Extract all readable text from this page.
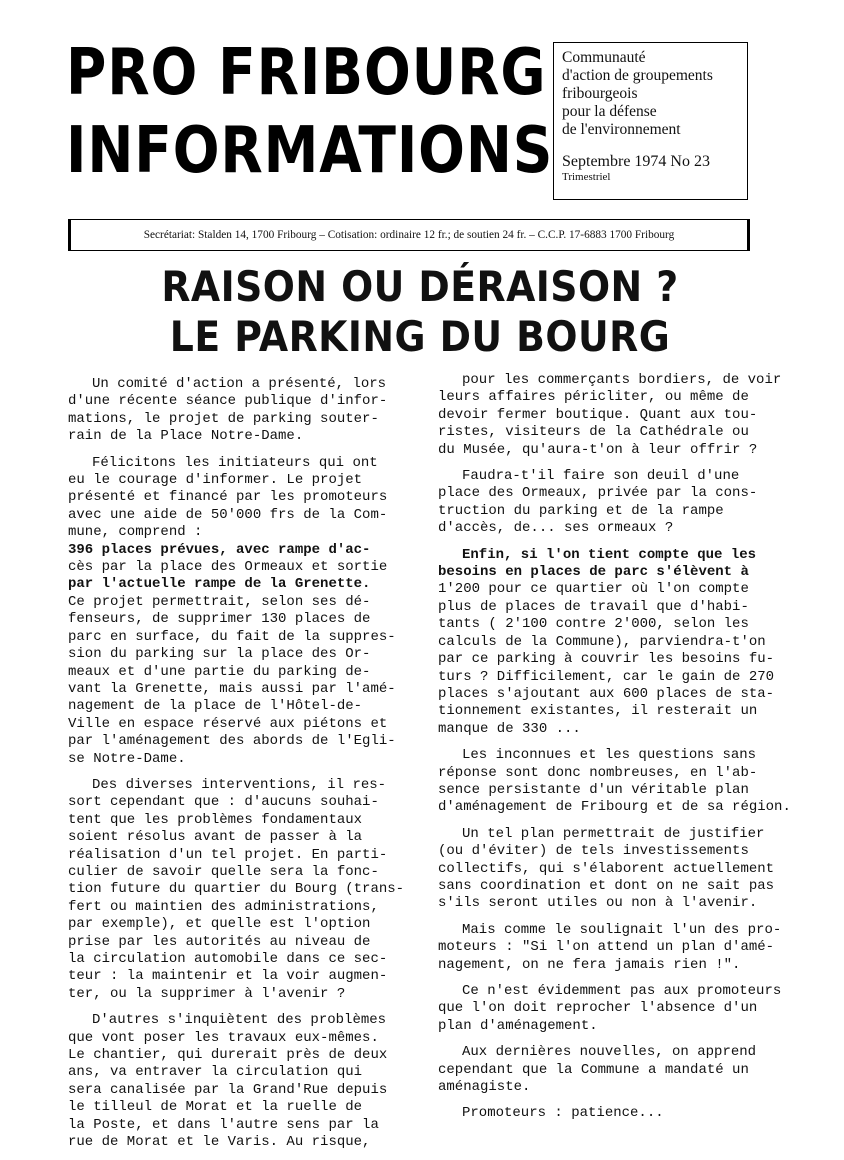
PRO FRIBOURG
INFORMATIONS
Communauté
d'action de groupements
fribourgeois
pour la défense
de l'environnement
Septembre 1974 No 23
Trimestriel
Secrétariat: Stalden 14, 1700 Fribourg – Cotisation: ordinaire 12 fr.; de soutien 24 fr. – C.C.P. 17-6883 1700 Fribourg
RAISON OU DÉRAISON ?
LE PARKING DU BOURG

Un comité d'action a présenté, lors
d'une récente séance publique d'infor-
mations, le projet de parking souter-
rain de la Place Notre-Dame.

Félicitons les initiateurs qui ont
eu le courage d'informer. Le projet
présenté et financé par les promoteurs
avec une aide de 50'000 frs de la Com-
mune, comprend :
396 places prévues, avec rampe d'ac-
cès par la place des Ormeaux et sortie
par l'actuelle rampe de la Grenette.
Ce projet permettrait, selon ses dé-
fenseurs, de supprimer 130 places de
parc en surface, du fait de la suppres-
sion du parking sur la place des Or-
meaux et d'une partie du parking de-
vant la Grenette, mais aussi par l'amé-
nagement de la place de l'Hôtel-de-
Ville en espace réservé aux piétons et
par l'aménagement des abords de l'Egli-
se Notre-Dame.

Des diverses interventions, il res-
sort cependant que : d'aucuns souhai-
tent que les problèmes fondamentaux
soient résolus avant de passer à la
réalisation d'un tel projet. En parti-
culier de savoir quelle sera la fonc-
tion future du quartier du Bourg (trans-
fert ou maintien des administrations,
par exemple), et quelle est l'option
prise par les autorités au niveau de
la circulation automobile dans ce sec-
teur : la maintenir et la voir augmen-
ter, ou la supprimer à l'avenir ?

D'autres s'inquiètent des problèmes
que vont poser les travaux eux-mêmes.
Le chantier, qui durerait près de deux
ans, va entraver la circulation qui
sera canalisée par la Grand'Rue depuis
le tilleul de Morat et la ruelle de
la Poste, et dans l'autre sens par la
rue de Morat et le Varis. Au risque,

pour les commerçants bordiers, de voir
leurs affaires péricliter, ou même de
devoir fermer boutique. Quant aux tou-
ristes, visiteurs de la Cathédrale ou
du Musée, qu'aura-t'on à leur offrir ?

Faudra-t'il faire son deuil d'une
place des Ormeaux, privée par la cons-
truction du parking et de la rampe
d'accès, de... ses ormeaux ?

Enfin, si l'on tient compte que les
besoins en places de parc s'élèvent à
1'200 pour ce quartier où l'on compte
plus de places de travail que d'habi-
tants ( 2'100 contre 2'000, selon les
calculs de la Commune), parviendra-t'on
par ce parking à couvrir les besoins fu-
turs ? Difficilement, car le gain de 270
places s'ajoutant aux 600 places de sta-
tionnement existantes, il resterait un
manque de 330 ...

Les inconnues et les questions sans
réponse sont donc nombreuses, en l'ab-
sence persistante d'un véritable plan
d'aménagement de Fribourg et de sa région.

Un tel plan permettrait de justifier
(ou d'éviter) de tels investissements
collectifs, qui s'élaborent actuellement
sans coordination et dont on ne sait pas
s'ils seront utiles ou non à l'avenir.

Mais comme le soulignait l'un des pro-
moteurs : "Si l'on attend un plan d'amé-
nagement, on ne fera jamais rien !".

Ce n'est évidemment pas aux promoteurs
que l'on doit reprocher l'absence d'un
plan d'aménagement.

Aux dernières nouvelles, on apprend
cependant que la Commune a mandaté un
aménagiste.

Promoteurs : patience...
